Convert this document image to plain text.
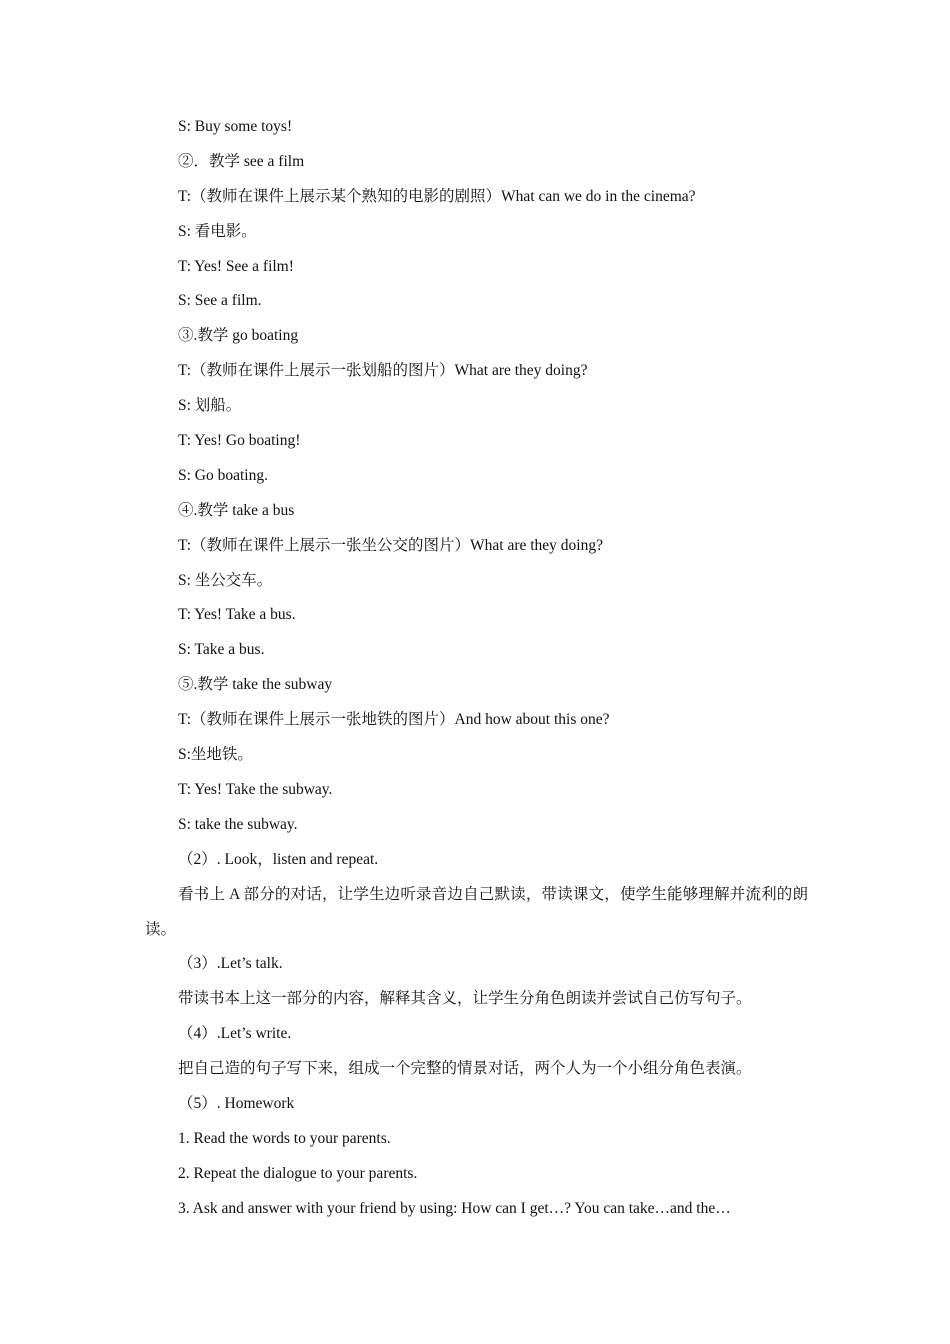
S: Buy some toys!
②．教学 see a film
T:（教师在课件上展示某个熟知的电影的剧照）What can we do in the cinema?
S: 看电影。
T: Yes! See a film!
S: See a film.
③.教学 go boating
T:（教师在课件上展示一张划船的图片）What are they doing?
S: 划船。
T: Yes! Go boating!
S: Go boating.
④.教学 take a bus
T:（教师在课件上展示一张坐公交的图片）What are they doing?
S: 坐公交车。
T: Yes! Take a bus.
S: Take a bus.
⑤.教学 take the subway
T:（教师在课件上展示一张地铁的图片）And how about this one?
S:坐地铁。
T: Yes! Take the subway.
S: take the subway.
（2）. Look，listen and repeat.
看书上 A 部分的对话，让学生边听录音边自己默读，带读课文，使学生能够理解并流利的朗读。
（3）.Let’s talk.
带读书本上这一部分的内容，解释其含义，让学生分角色朗读并尝试自己仿写句子。
（4）.Let’s write.
把自己造的句子写下来，组成一个完整的情景对话，两个人为一个小组分角色表演。
（5）. Homework
1. Read the words to your parents.
2. Repeat the dialogue to your parents.
3. Ask and answer with your friend by using: How can I get…? You can take…and the…
